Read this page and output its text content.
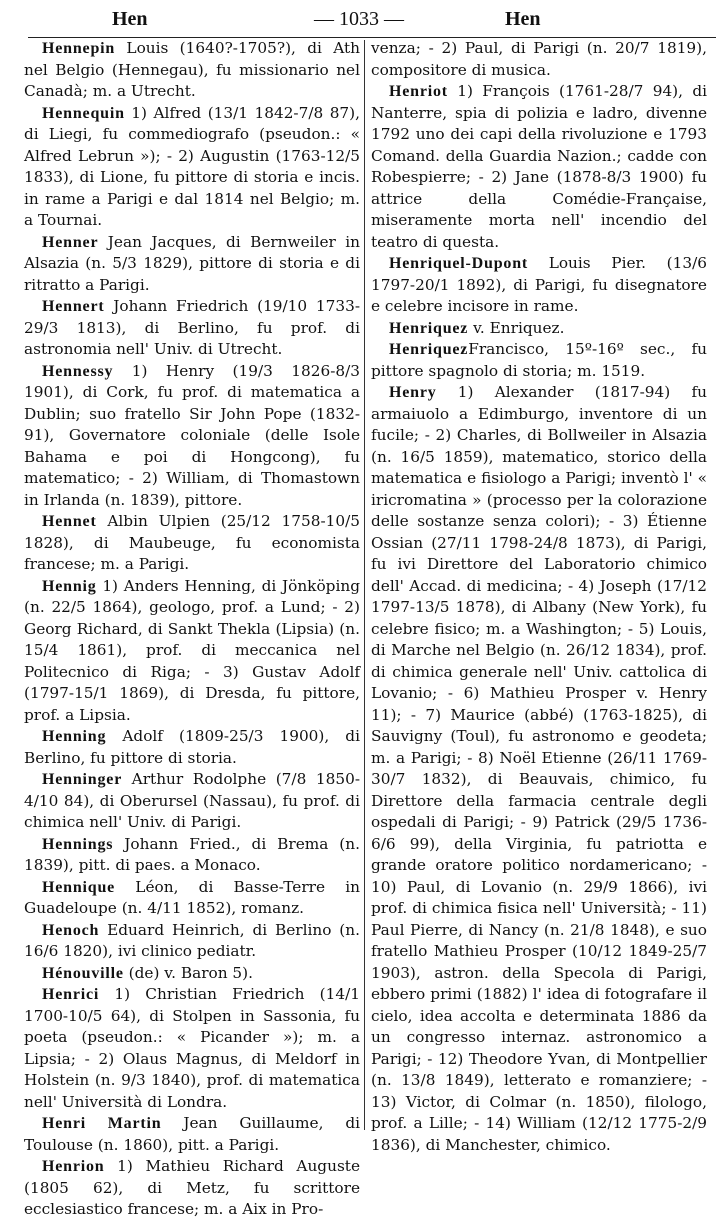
Hen	— 1033 —	Hen

Hennepin Louis (1640?-1705?), di Ath nel Belgio (Hennegau), fu missionario nel Canadà; m. a Utrecht.

Hennequin 1) Alfred (13/1 1842-7/8 87), di Liegi, fu commediografo (pseudon.: « Alfred Lebrun »); - 2) Augustin (1763-12/5 1833), di Lione, fu pittore di storia e incis. in rame a Parigi e dal 1814 nel Belgio; m. a Tournai.

Henner Jean Jacques, di Bernweiler in Alsazia (n. 5/3 1829), pittore di storia e di ritratto a Parigi.

Hennert Johann Friedrich (19/10 1733-29/3 1813), di Berlino, fu prof. di astronomia nell' Univ. di Utrecht.

Hennessy 1) Henry (19/3 1826-8/3 1901), di Cork, fu prof. di matematica a Dublin; suo fratello Sir John Pope (1832-91), Governatore coloniale (delle Isole Bahama e poi di Hongcong), fu matematico; - 2) William, di Thomastown in Irlanda (n. 1839), pittore.

Hennet Albin Ulpien (25/12 1758-10/5 1828), di Maubeuge, fu economista francese; m. a Parigi.

Hennig 1) Anders Henning, di Jönköping (n. 22/5 1864), geologo, prof. a Lund; - 2) Georg Richard, di Sankt Thekla (Lipsia) (n. 15/4 1861), prof. di meccanica nel Politecnico di Riga; - 3) Gustav Adolf (1797-15/1 1869), di Dresda, fu pittore, prof. a Lipsia.

Henning Adolf (1809-25/3 1900), di Berlino, fu pittore di storia.

Henninger Arthur Rodolphe (7/8 1850-4/10 84), di Oberursel (Nassau), fu prof. di chimica nell' Univ. di Parigi.

Hennings Johann Fried., di Brema (n. 1839), pitt. di paes. a Monaco.

Hennique Léon, di Basse-Terre in Guadeloupe (n. 4/11 1852), romanz.

Henoch Eduard Heinrich, di Berlino (n. 16/6 1820), ivi clinico pediatr.

Hénouville (de) v. Baron 5).

Henrici 1) Christian Friedrich (14/1 1700-10/5 64), di Stolpen in Sassonia, fu poeta (pseudon.: « Picander »); m. a Lipsia; - 2) Olaus Magnus, di Meldorf in Holstein (n. 9/3 1840), prof. di matematica nell' Università di Londra.

Henri Martin Jean Guillaume, di Toulouse (n. 1860), pitt. a Parigi.

Henrion 1) Mathieu Richard Auguste (1805 62), di Metz, fu scrittore ecclesiastico francese; m. a Aix in Pro-

venza; - 2) Paul, di Parigi (n. 20/7 1819), compositore di musica.

Henriot 1) François (1761-28/7 94), di Nanterre, spia di polizia e ladro, divenne 1792 uno dei capi della rivoluzione e 1793 Comand. della Guardia Nazion.; cadde con Robespierre; - 2) Jane (1878-8/3 1900) fu attrice della Comédie-Française, miseramente morta nell' incendio del teatro di questa.

Henriquel-Dupont Louis Pier. (13/6 1797-20/1 1892), di Parigi, fu disegnatore e celebre incisore in rame.

Henriquez v. Enriquez.

HenriquezFrancisco, 15º-16º sec., fu pittore spagnolo di storia; m. 1519.

Henry 1) Alexander (1817-94) fu armaiuolo a Edimburgo, inventore di un fucile; - 2) Charles, di Bollweiler in Alsazia (n. 16/5 1859), matematico, storico della matematica e fisiologo a Parigi; inventò l' « iricromatina » (processo per la colorazione delle sostanze senza colori); - 3) Étienne Ossian (27/11 1798-24/8 1873), di Parigi, fu ivi Direttore del Laboratorio chimico dell' Accad. di medicina; - 4) Joseph (17/12 1797-13/5 1878), di Albany (New York), fu celebre fisico; m. a Washington; - 5) Louis, di Marche nel Belgio (n. 26/12 1834), prof. di chimica generale nell' Univ. cattolica di Lovanio; - 6) Mathieu Prosper v. Henry 11); - 7) Maurice (abbé) (1763-1825), di Sauvigny (Toul), fu astronomo e geodeta; m. a Parigi; - 8) Noël Etienne (26/11 1769-30/7 1832), di Beauvais, chimico, fu Direttore della farmacia centrale degli ospedali di Parigi; - 9) Patrick (29/5 1736-6/6 99), della Virginia, fu patriotta e grande oratore politico nordamericano; - 10) Paul, di Lovanio (n. 29/9 1866), ivi prof. di chimica fisica nell' Università; - 11) Paul Pierre, di Nancy (n. 21/8 1848), e suo fratello Mathieu Prosper (10/12 1849-25/7 1903), astron. della Specola di Parigi, ebbero primi (1882) l' idea di fotografare il cielo, idea accolta e determinata 1886 da un congresso internaz. astronomico a Parigi; - 12) Theodore Yvan, di Montpellier (n. 13/8 1849), letterato e romanziere; - 13) Victor, di Colmar (n. 1850), filologo, prof. a Lille; - 14) William (12/12 1775-2/9 1836), di Manchester, chimico.
